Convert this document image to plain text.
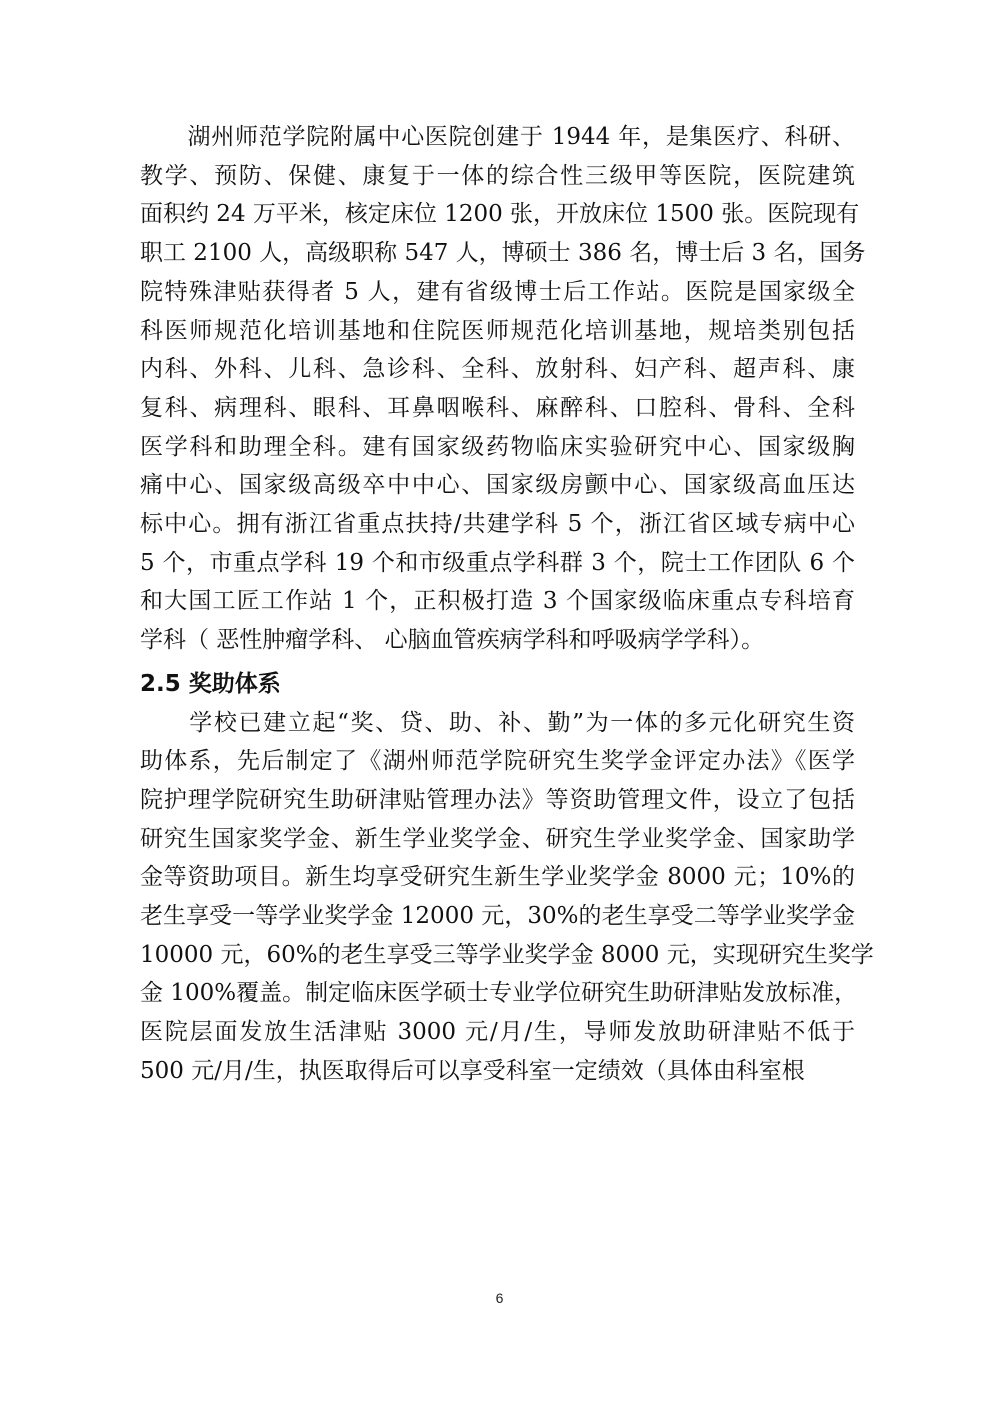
　　湖州师范学院附属中心医院创建于 1944 年，是集医疗、科研、
教学、预防、保健、康复于一体的综合性三级甲等医院，医院建筑
面积约 24 万平米，核定床位 1200 张，开放床位 1500 张。医院现有
职工 2100 人，高级职称 547 人，博硕士 386 名，博士后 3 名，国务
院特殊津贴获得者 5 人，建有省级博士后工作站。医院是国家级全
科医师规范化培训基地和住院医师规范化培训基地，规培类别包括
内科、外科、儿科、急诊科、全科、放射科、妇产科、超声科、康
复科、病理科、眼科、耳鼻咽喉科、麻醉科、口腔科、骨科、全科
医学科和助理全科。建有国家级药物临床实验研究中心、国家级胸
痛中心、国家级高级卒中中心、国家级房颤中心、国家级高血压达
标中心。拥有浙江省重点扶持/共建学科 5 个，浙江省区域专病中心
5 个，市重点学科 19 个和市级重点学科群 3 个，院士工作团队 6 个
和大国工匠工作站 1 个，正积极打造 3 个国家级临床重点专科培育
学科（ 恶性肿瘤学科、 心脑血管疾病学科和呼吸病学学科）。
2.5 奖助体系
　　学校已建立起“奖、贷、助、补、勤”为一体的多元化研究生资
助体系，先后制定了《湖州师范学院研究生奖学金评定办法》《医学
院护理学院研究生助研津贴管理办法》等资助管理文件，设立了包括
研究生国家奖学金、新生学业奖学金、研究生学业奖学金、国家助学
金等资助项目。新生均享受研究生新生学业奖学金 8000 元；10%的
老生享受一等学业奖学金 12000 元，30%的老生享受二等学业奖学金
10000 元，60%的老生享受三等学业奖学金 8000 元，实现研究生奖学
金 100%覆盖。制定临床医学硕士专业学位研究生助研津贴发放标准，
医院层面发放生活津贴 3000 元/月/生，导师发放助研津贴不低于
500 元/月/生，执医取得后可以享受科室一定绩效（具体由科室根
6
